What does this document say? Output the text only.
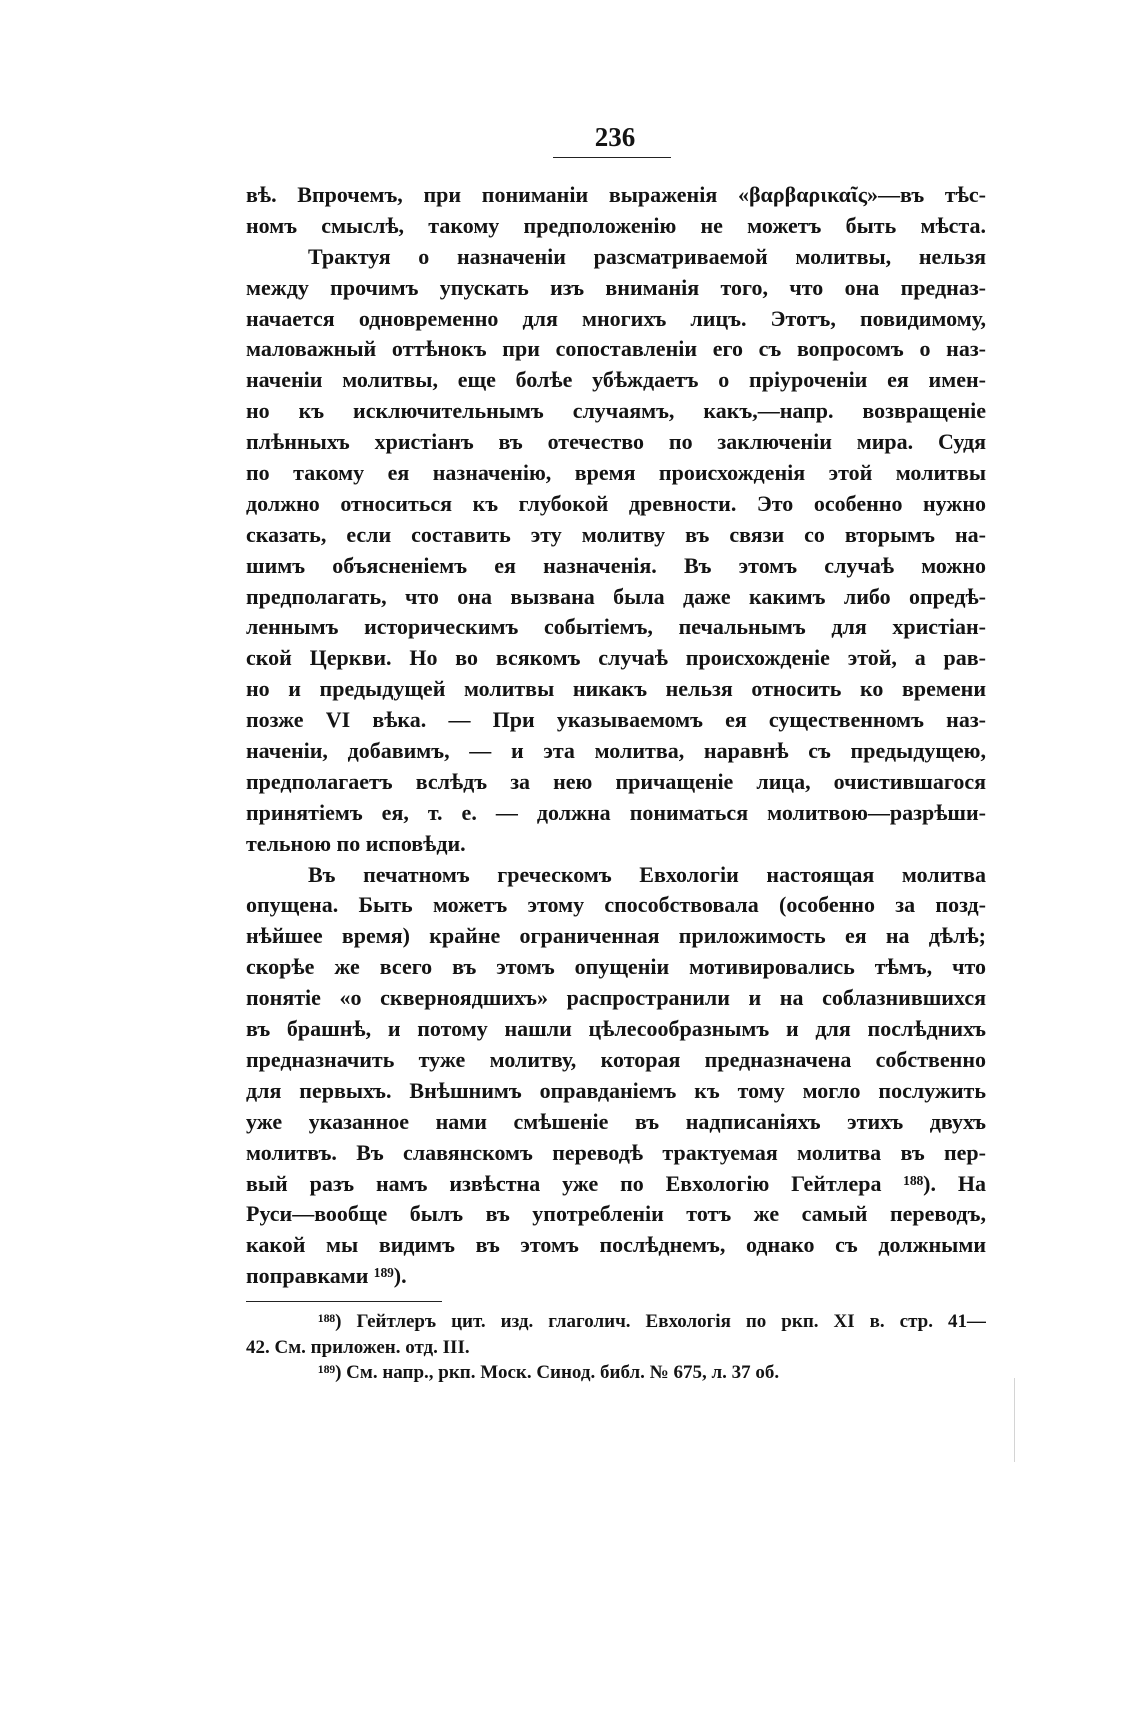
236
вѣ. Впрочемъ, при пониманіи выраженія «βαρβαρικαῖς»—въ тѣс-
номъ смыслѣ, такому предположенію не можетъ быть мѣста.
Трактуя о назначеніи разсматриваемой молитвы, нельзя
между прочимъ упускать изъ вниманія того, что она предназ-
начается одновременно для многихъ лицъ. Этотъ, повидимому,
маловажный оттѣнокъ при сопоставленіи его съ вопросомъ о наз-
наченіи молитвы, еще болѣе убѣждаетъ о пріуроченіи ея имен-
но къ исключительнымъ случаямъ, какъ,—напр. возвращеніе
плѣнныхъ христіанъ въ отечество по заключеніи мира. Судя
по такому ея назначенію, время происхожденія этой молитвы
должно относиться къ глубокой древности. Это особенно нужно
сказать, если составить эту молитву въ связи со вторымъ на-
шимъ объясненіемъ ея назначенія. Въ этомъ случаѣ можно
предполагать, что она вызвана была даже какимъ либо опредѣ-
леннымъ историческимъ событіемъ, печальнымъ для христіан-
ской Церкви. Но во всякомъ случаѣ происхожденіе этой, а рав-
но и предыдущей молитвы никакъ нельзя относить ко времени
позже VI вѣка. — При указываемомъ ея существенномъ наз-
наченіи, добавимъ, — и эта молитва, наравнѣ съ предыдущею,
предполагаетъ вслѣдъ за нею причащеніе лица, очистившагося
принятіемъ ея, т. е. — должна пониматься молитвою—разрѣши-
тельною по исповѣди.
Въ печатномъ греческомъ Евхологіи настоящая молитва
опущена. Быть можетъ этому способствовала (особенно за позд-
нѣйшее время) крайне ограниченная приложимость ея на дѣлѣ;
скорѣе же всего въ этомъ опущеніи мотивировались тѣмъ, что
понятіе «о скверноядшихъ» распространили и на соблазнившихся
въ брашнѣ, и потому нашли цѣлесообразнымъ и для послѣднихъ
предназначить туже молитву, которая предназначена собственно
для первыхъ. Внѣшнимъ оправданіемъ къ тому могло послужить
уже указанное нами смѣшеніе въ надписаніяхъ этихъ двухъ
молитвъ. Въ славянскомъ переводѣ трактуемая молитва въ пер-
вый разъ намъ извѣстна уже по Евхологію Гейтлера ¹⁸⁸). На
Руси—вообще былъ въ употребленіи тотъ же самый переводъ,
какой мы видимъ въ этомъ послѣднемъ, однако съ должными
поправками ¹⁸⁹).
¹⁸⁸) Гейтлеръ цит. изд. глаголич. Евхологія по ркп. XI в. стр. 41—
42. См. приложен. отд. III.
¹⁸⁹) См. напр., ркп. Моск. Синод. библ. № 675, л. 37 об.
